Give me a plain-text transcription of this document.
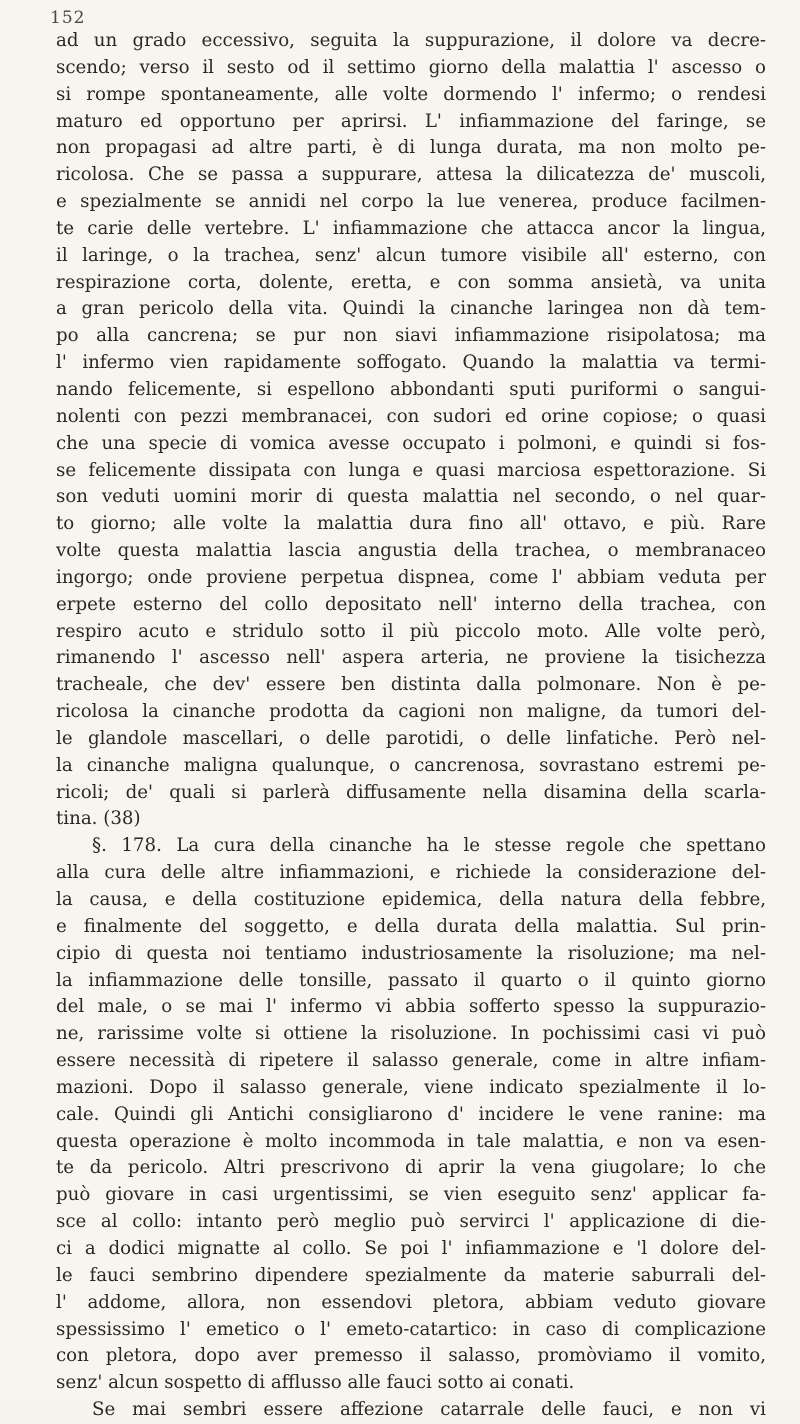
152
ad un grado eccessivo, seguita la suppurazione, il dolore va decre-
scendo; verso il sesto od il settimo giorno della malattia l' ascesso o
si rompe spontaneamente, alle volte dormendo l' infermo; o rendesi
maturo ed opportuno per aprirsi. L' infiammazione del faringe, se
non propagasi ad altre parti, è di lunga durata, ma non molto pe-
ricolosa. Che se passa a suppurare, attesa la dilicatezza de' muscoli,
e spezialmente se annidi nel corpo la lue venerea, produce facilmen-
te carie delle vertebre. L' infiammazione che attacca ancor la lingua,
il laringe, o la trachea, senz' alcun tumore visibile all' esterno, con
respirazione corta, dolente, eretta, e con somma ansietà, va unita
a gran pericolo della vita. Quindi la cinanche laringea non dà tem-
po alla cancrena; se pur non siavi infiammazione risipolatosa; ma
l' infermo vien rapidamente soffogato. Quando la malattia va termi-
nando felicemente, si espellono abbondanti sputi puriformi o sangui-
nolenti con pezzi membranacei, con sudori ed orine copiose; o quasi
che una specie di vomica avesse occupato i polmoni, e quindi si fos-
se felicemente dissipata con lunga e quasi marciosa espettorazione. Si
son veduti uomini morir di questa malattia nel secondo, o nel quar-
to giorno; alle volte la malattia dura fino all' ottavo, e più. Rare
volte questa malattia lascia angustia della trachea, o membranaceo
ingorgo; onde proviene perpetua dispnea, come l' abbiam veduta per
erpete esterno del collo depositato nell' interno della trachea, con
respiro acuto e stridulo sotto il più piccolo moto. Alle volte però,
rimanendo l' ascesso nell' aspera arteria, ne proviene la tisichezza
tracheale, che dev' essere ben distinta dalla polmonare. Non è pe-
ricolosa la cinanche prodotta da cagioni non maligne, da tumori del-
le glandole mascellari, o delle parotidi, o delle linfatiche. Però nel-
la cinanche maligna qualunque, o cancrenosa, sovrastano estremi pe-
ricoli; de' quali si parlerà diffusamente nella disamina della scarla-
tina. (38)
§. 178. La cura della cinanche ha le stesse regole che spettano
alla cura delle altre infiammazioni, e richiede la considerazione del-
la causa, e della costituzione epidemica, della natura della febbre,
e finalmente del soggetto, e della durata della malattia. Sul prin-
cipio di questa noi tentiamo industriosamente la risoluzione; ma nel-
la infiammazione delle tonsille, passato il quarto o il quinto giorno
del male, o se mai l' infermo vi abbia sofferto spesso la suppurazio-
ne, rarissime volte si ottiene la risoluzione. In pochissimi casi vi può
essere necessità di ripetere il salasso generale, come in altre infiam-
mazioni. Dopo il salasso generale, viene indicato spezialmente il lo-
cale. Quindi gli Antichi consigliarono d' incidere le vene ranine: ma
questa operazione è molto incommoda in tale malattia, e non va esen-
te da pericolo. Altri prescrivono di aprir la vena giugolare; lo che
può giovare in casi urgentissimi, se vien eseguito senz' applicar fa-
sce al collo: intanto però meglio può servirci l' applicazione di die-
ci a dodici mignatte al collo. Se poi l' infiammazione e 'l dolore del-
le fauci sembrino dipendere spezialmente da materie saburrali del-
l' addome, allora, non essendovi pletora, abbiam veduto giovare
spessissimo l' emetico o l' emeto-catartico: in caso di complicazione
con pletora, dopo aver premesso il salasso, promòviamo il vomito,
senz' alcun sospetto di afflusso alle fauci sotto ai conati.
Se mai sembri essere affezione catarrale delle fauci, e non vi
